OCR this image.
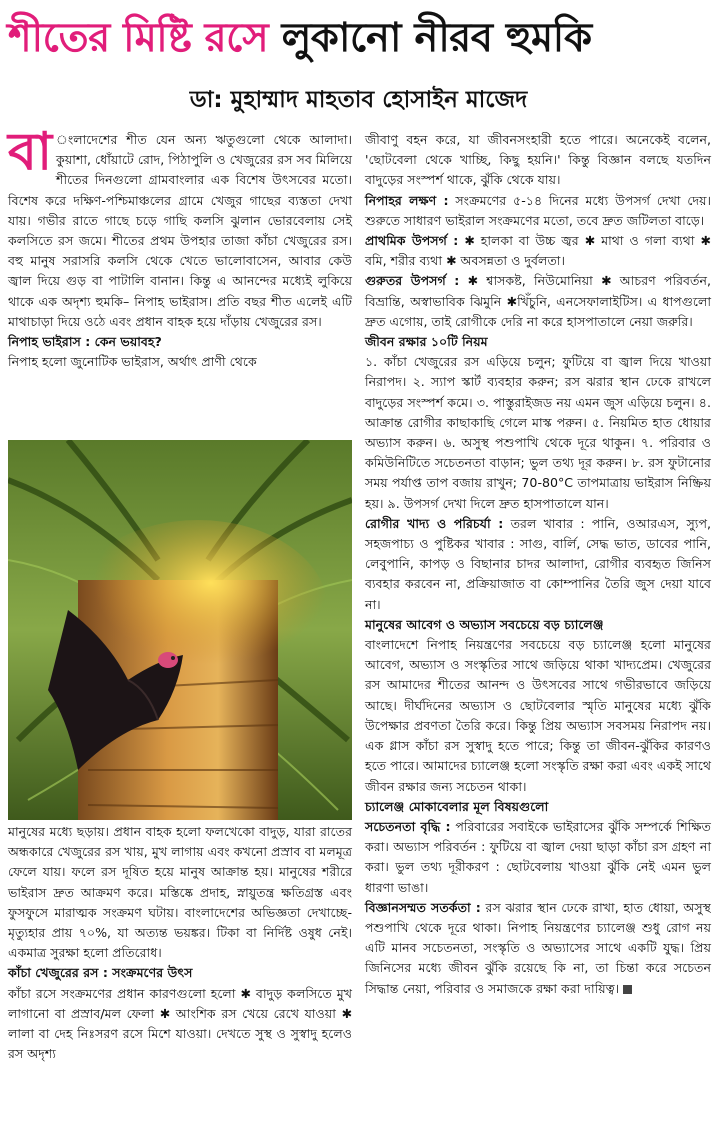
শীতের মিষ্টি রসে লুকানো নীরব হুমকি
ডা: মুহাম্মাদ মাহতাব হোসাইন মাজেদ

বা ংলাদেশের শীত যেন অন্য ঋতুগুলো থেকে আলাদা। কুয়াশা, ধোঁয়াটে রোদ, পিঠাপুলি ও খেজুরের রস সব মিলিয়ে শীতের দিনগুলো গ্রামবাংলার এক বিশেষ উৎসবের মতো। বিশেষ করে দক্ষিণ-পশ্চিমাঞ্চলের গ্রামে খেজুর গাছের ব্যস্ততা দেখা যায়। গভীর রাতে গাছে চড়ে গাছি কলসি ঝুলান ভোরবেলায় সেই কলসিতে রস জমে। শীতের প্রথম উপহার তাজা কাঁচা খেজুরের রস। বহু মানুষ সরাসরি কলসি থেকে খেতে ভালোবাসেন, আবার কেউ জ্বাল দিয়ে গুড় বা পাটালি বানান। কিন্তু এ আনন্দের মধ্যেই লুকিয়ে থাকে এক অদৃশ্য হুমকি– নিপাহ ভাইরাস। প্রতি বছর শীত এলেই এটি মাথাচাড়া দিয়ে ওঠে এবং প্রধান বাহক হয়ে দাঁড়ায় খেজুরের রস।

নিপাহ ভাইরাস : কেন ভয়াবহ?

নিপাহ হলো জুনোটিক ভাইরাস, অর্থাৎ প্রাণী থেকে

মানুষের মধ্যে ছড়ায়। প্রধান বাহক হলো ফলখেকো বাদুড়, যারা রাতের অন্ধকারে খেজুরের রস খায়, মুখ লাগায় এবং কখনো প্রস্রাব বা মলমূত্র ফেলে যায়। ফলে রস দূষিত হয়ে মানুষ আক্রান্ত হয়। মানুষের শরীরে ভাইরাস দ্রুত আক্রমণ করে। মস্তিষ্কে প্রদাহ, স্নায়ুতন্ত্র ক্ষতিগ্রস্ত এবং ফুসফুসে মারাত্মক সংক্রমণ ঘটায়। বাংলাদেশের অভিজ্ঞতা দেখাচ্ছে- মৃত্যুহার প্রায় ৭০%, যা অত্যন্ত ভয়ঙ্কর। টিকা বা নির্দিষ্ট ওষুধ নেই। একমাত্র সুরক্ষা হলো প্রতিরোধ।

কাঁচা খেজুরের রস : সংক্রমণের উৎস

কাঁচা রসে সংক্রমণের প্রধান কারণগুলো হলো ✱ বাদুড় কলসিতে মুখ লাগানো বা প্রস্রাব/মল ফেলা ✱ আংশিক রস খেয়ে রেখে যাওয়া ✱ লালা বা দেহ নিঃসরণ রসে মিশে যাওয়া। দেখতে সুস্থ ও সুস্বাদু হলেও রস অদৃশ্য

জীবাণু বহন করে, যা জীবনসংহারী হতে পারে। অনেকেই বলেন, 'ছোটবেলা থেকে খাচ্ছি, কিছু হয়নি।' কিন্তু বিজ্ঞান বলছে যতদিন বাদুড়ের সংস্পর্শ থাকে, ঝুঁকি থেকে যায়।

নিপাহর লক্ষণ : সংক্রমণের ৫-১৪ দিনের মধ্যে উপসর্গ দেখা দেয়। শুরুতে সাধারণ ভাইরাল সংক্রমণের মতো, তবে দ্রুত জটিলতা বাড়ে।

প্রাথমিক উপসর্গ : ✱ হালকা বা উচ্চ জ্বর ✱ মাথা ও গলা ব্যথা ✱ বমি, শরীর ব্যথা ✱ অবসন্নতা ও দুর্বলতা।

গুরুতর উপসর্গ : ✱ শ্বাসকষ্ট, নিউমোনিয়া ✱ আচরণ পরিবর্তন, বিভ্রান্তি, অস্বাভাবিক ঝিমুনি ✱খিঁচুনি, এনসেফালাইটিস। এ ধাপগুলো দ্রুত এগোয়, তাই রোগীকে দেরি না করে হাসপাতালে নেয়া জরুরি।

জীবন রক্ষার ১০টি নিয়ম

১. কাঁচা খেজুরের রস এড়িয়ে চলুন; ফুটিয়ে বা জ্বাল দিয়ে খাওয়া নিরাপদ। ২. স্যাপ স্কার্ট ব্যবহার করুন; রস ঝরার স্থান ঢেকে রাখলে বাদুড়ের সংস্পর্শ কমে। ৩. পাস্তুরাইজড নয় এমন জুস এড়িয়ে চলুন। ৪. আক্রান্ত রোগীর কাছাকাছি গেলে মাস্ক পরুন। ৫. নিয়মিত হাত ধোয়ার অভ্যাস করুন। ৬. অসুস্থ পশুপাখি থেকে দূরে থাকুন। ৭. পরিবার ও কমিউনিটিতে সচেতনতা বাড়ান; ভুল তথ্য দূর করুন। ৮. রস ফুটানোর সময় পর্যাপ্ত তাপ বজায় রাখুন; 70-80°C তাপমাত্রায় ভাইরাস নিষ্ক্রিয় হয়। ৯. উপসর্গ দেখা দিলে দ্রুত হাসপাতালে যান।

রোগীর খাদ্য ও পরিচর্যা : তরল খাবার : পানি, ওআরএস, স্যুপ, সহজপাচ্য ও পুষ্টিকর খাবার : সাগু, বার্লি, সেদ্ধ ভাত, ডাবের পানি, লেবুপানি, কাপড় ও বিছানার চাদর আলাদা, রোগীর ব্যবহৃত জিনিস ব্যবহার করবেন না, প্রক্রিয়াজাত বা কোম্পানির তৈরি জুস দেয়া যাবে না।

মানুষের আবেগ ও অভ্যাস সবচেয়ে বড় চ্যালেঞ্জ

বাংলাদেশে নিপাহ নিয়ন্ত্রণের সবচেয়ে বড় চ্যালেঞ্জ হলো মানুষের আবেগ, অভ্যাস ও সংস্কৃতির সাথে জড়িয়ে থাকা খাদ্যপ্রেম। খেজুরের রস আমাদের শীতের আনন্দ ও উৎসবের সাথে গভীরভাবে জড়িয়ে আছে। দীর্ঘদিনের অভ্যাস ও ছোটবেলার স্মৃতি মানুষের মধ্যে ঝুঁকি উপেক্ষার প্রবণতা তৈরি করে। কিন্তু প্রিয় অভ্যাস সবসময় নিরাপদ নয়। এক গ্লাস কাঁচা রস সুস্বাদু হতে পারে; কিন্তু তা জীবন-ঝুঁকির কারণও হতে পারে। আমাদের চ্যালেঞ্জ হলো সংস্কৃতি রক্ষা করা এবং একই সাথে জীবন রক্ষার জন্য সচেতন থাকা।

চ্যালেঞ্জ মোকাবেলার মূল বিষয়গুলো

সচেতনতা বৃদ্ধি : পরিবারের সবাইকে ভাইরাসের ঝুঁকি সম্পর্কে শিক্ষিত করা। অভ্যাস পরিবর্তন : ফুটিয়ে বা জ্বাল দেয়া ছাড়া কাঁচা রস গ্রহণ না করা। ভুল তথ্য দূরীকরণ : ছোটবেলায় খাওয়া ঝুঁকি নেই এমন ভুল ধারণা ভাঙা।

বিজ্ঞানসম্মত সতর্কতা : রস ঝরার স্থান ঢেকে রাখা, হাত ধোয়া, অসুস্থ পশুপাখি থেকে দূরে থাকা। নিপাহ নিয়ন্ত্রণের চ্যালেঞ্জ শুধু রোগ নয় এটি মানব সচেতনতা, সংস্কৃতি ও অভ্যাসের সাথে একটি যুদ্ধ। প্রিয় জিনিসের মধ্যে জীবন ঝুঁকি রয়েছে কি না, তা চিন্তা করে সচেতন সিদ্ধান্ত নেয়া, পরিবার ও সমাজকে রক্ষা করা দায়িত্ব।
